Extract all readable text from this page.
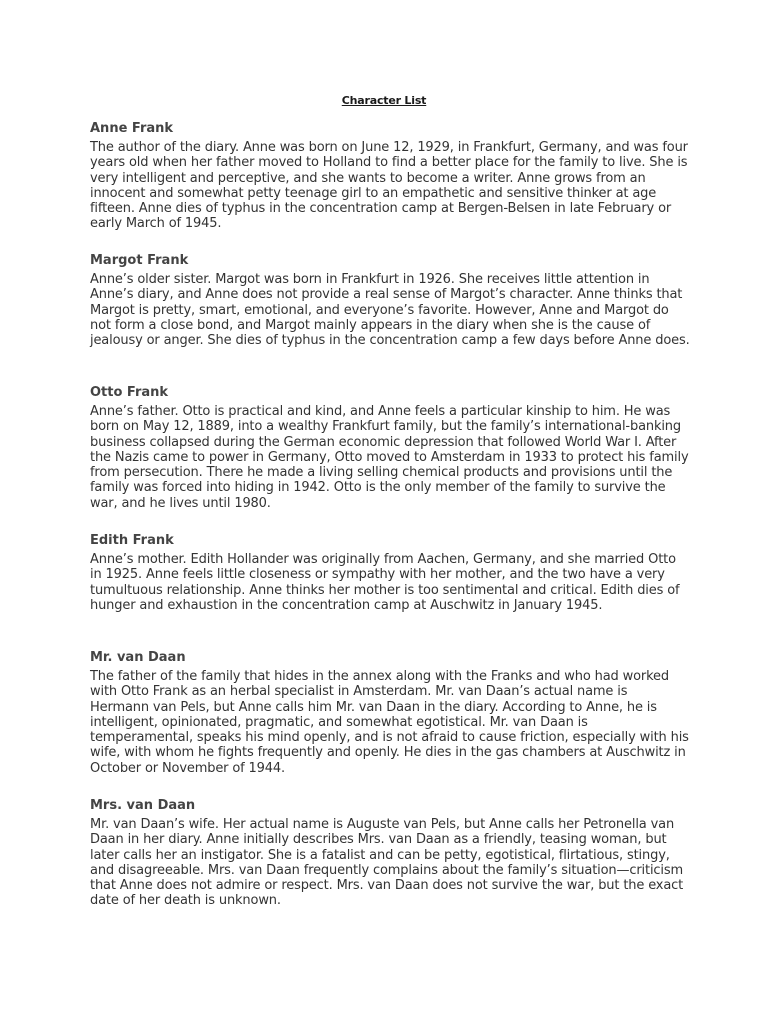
Character List

Anne Frank

The author of the diary. Anne was born on June 12, 1929, in Frankfurt, Germany, and was four years old when her father moved to Holland to find a better place for the family to live. She is very intelligent and perceptive, and she wants to become a writer. Anne grows from an innocent and somewhat petty teenage girl to an empathetic and sensitive thinker at age fifteen. Anne dies of typhus in the concentration camp at Bergen-Belsen in late February or early March of 1945.

Margot Frank

Anne’s older sister. Margot was born in Frankfurt in 1926. She receives little attention in Anne’s diary, and Anne does not provide a real sense of Margot’s character. Anne thinks that Margot is pretty, smart, emotional, and everyone’s favorite. However, Anne and Margot do not form a close bond, and Margot mainly appears in the diary when she is the cause of jealousy or anger. She dies of typhus in the concentration camp a few days before Anne does.

Otto Frank

Anne’s father. Otto is practical and kind, and Anne feels a particular kinship to him. He was born on May 12, 1889, into a wealthy Frankfurt family, but the family’s international-banking business collapsed during the German economic depression that followed World War I. After the Nazis came to power in Germany, Otto moved to Amsterdam in 1933 to protect his family from persecution. There he made a living selling chemical products and provisions until the family was forced into hiding in 1942. Otto is the only member of the family to survive the war, and he lives until 1980.

Edith Frank

Anne’s mother. Edith Hollander was originally from Aachen, Germany, and she married Otto in 1925. Anne feels little closeness or sympathy with her mother, and the two have a very tumultuous relationship. Anne thinks her mother is too sentimental and critical. Edith dies of hunger and exhaustion in the concentration camp at Auschwitz in January 1945.

Mr. van Daan

The father of the family that hides in the annex along with the Franks and who had worked with Otto Frank as an herbal specialist in Amsterdam. Mr. van Daan’s actual name is Hermann van Pels, but Anne calls him Mr. van Daan in the diary. According to Anne, he is intelligent, opinionated, pragmatic, and somewhat egotistical. Mr. van Daan is temperamental, speaks his mind openly, and is not afraid to cause friction, especially with his wife, with whom he fights frequently and openly. He dies in the gas chambers at Auschwitz in October or November of 1944.

Mrs. van Daan

Mr. van Daan’s wife. Her actual name is Auguste van Pels, but Anne calls her Petronella van Daan in her diary. Anne initially describes Mrs. van Daan as a friendly, teasing woman, but later calls her an instigator. She is a fatalist and can be petty, egotistical, flirtatious, stingy, and disagreeable. Mrs. van Daan frequently complains about the family’s situation—criticism that Anne does not admire or respect. Mrs. van Daan does not survive the war, but the exact date of her death is unknown.
